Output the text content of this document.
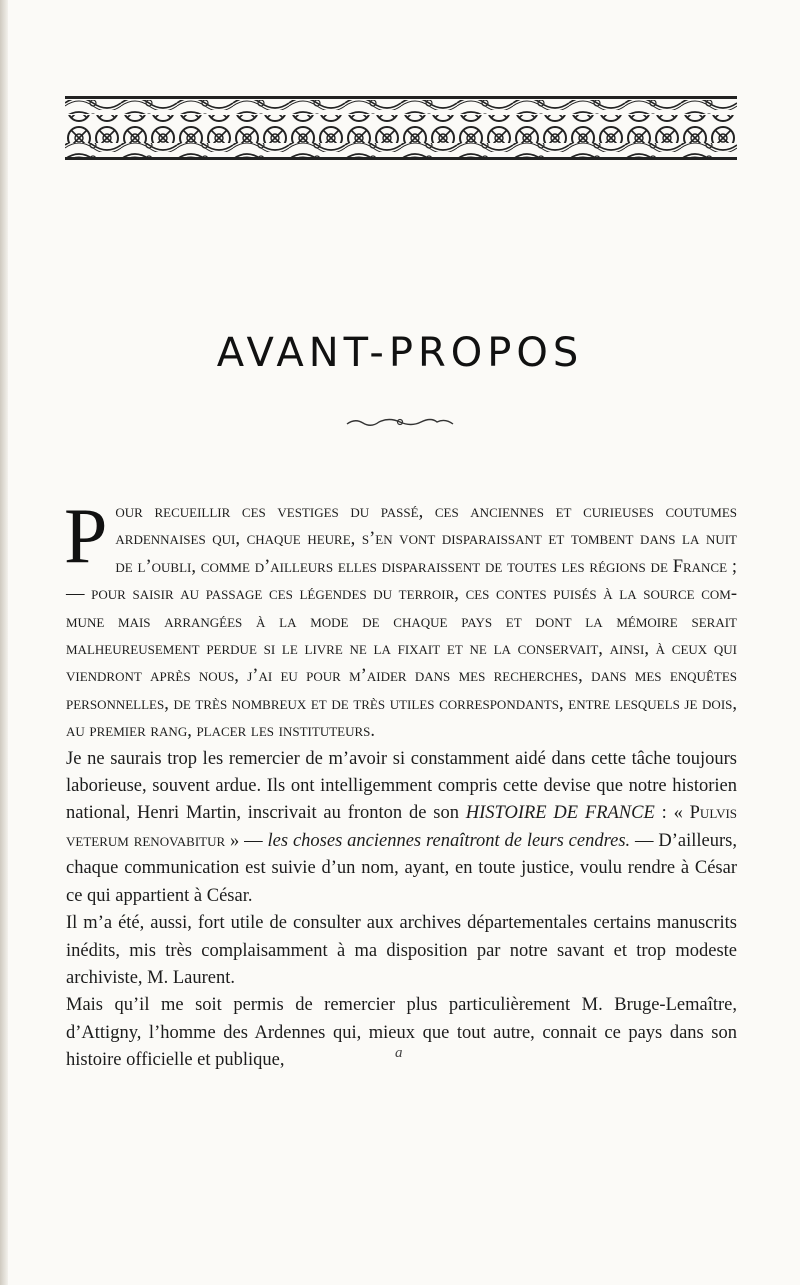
AVANT-PROPOS

Pour recueillir ces vestiges du passé, ces anciennes et curieuses coutumes ardennaises qui, chaque heure, s’en vont disparaissant et tombent dans la nuit de l’oubli, comme d’ailleurs elles disparaissent de toutes les régions de France ; — pour saisir au passage ces légendes du terroir, ces contes puisés à la source commune mais arrangées à la mode de chaque pays et dont la mémoire serait malheureusement perdue si le livre ne la fixait et ne la conservait, ainsi, à ceux qui viendront après nous, j’ai eu pour m’aider dans mes recherches, dans mes enquêtes personnelles, de très nombreux et de très utiles correspondants, entre lesquels je dois, au premier rang, placer les instituteurs.

Je ne saurais trop les remercier de m’avoir si constamment aidé dans cette tâche toujours laborieuse, souvent ardue. Ils ont intelligemment compris cette devise que notre historien national, Henri Martin, inscrivait au fronton de son HISTOIRE DE FRANCE : « Pulvis veterum renovabitur » — les choses anciennes renaîtront de leurs cendres. — D’ailleurs, chaque communication est suivie d’un nom, ayant, en toute justice, voulu rendre à César ce qui appartient à César.

Il m’a été, aussi, fort utile de consulter aux archives départementales certains manuscrits inédits, mis très complaisamment à ma disposition par notre savant et trop modeste archiviste, M. Laurent.

Mais qu’il me soit permis de remercier plus particulièrement M. Bruge-Lemaître, d’Attigny, l’homme des Ardennes qui, mieux que tout autre, connait ce pays dans son histoire officielle et publique,	a
